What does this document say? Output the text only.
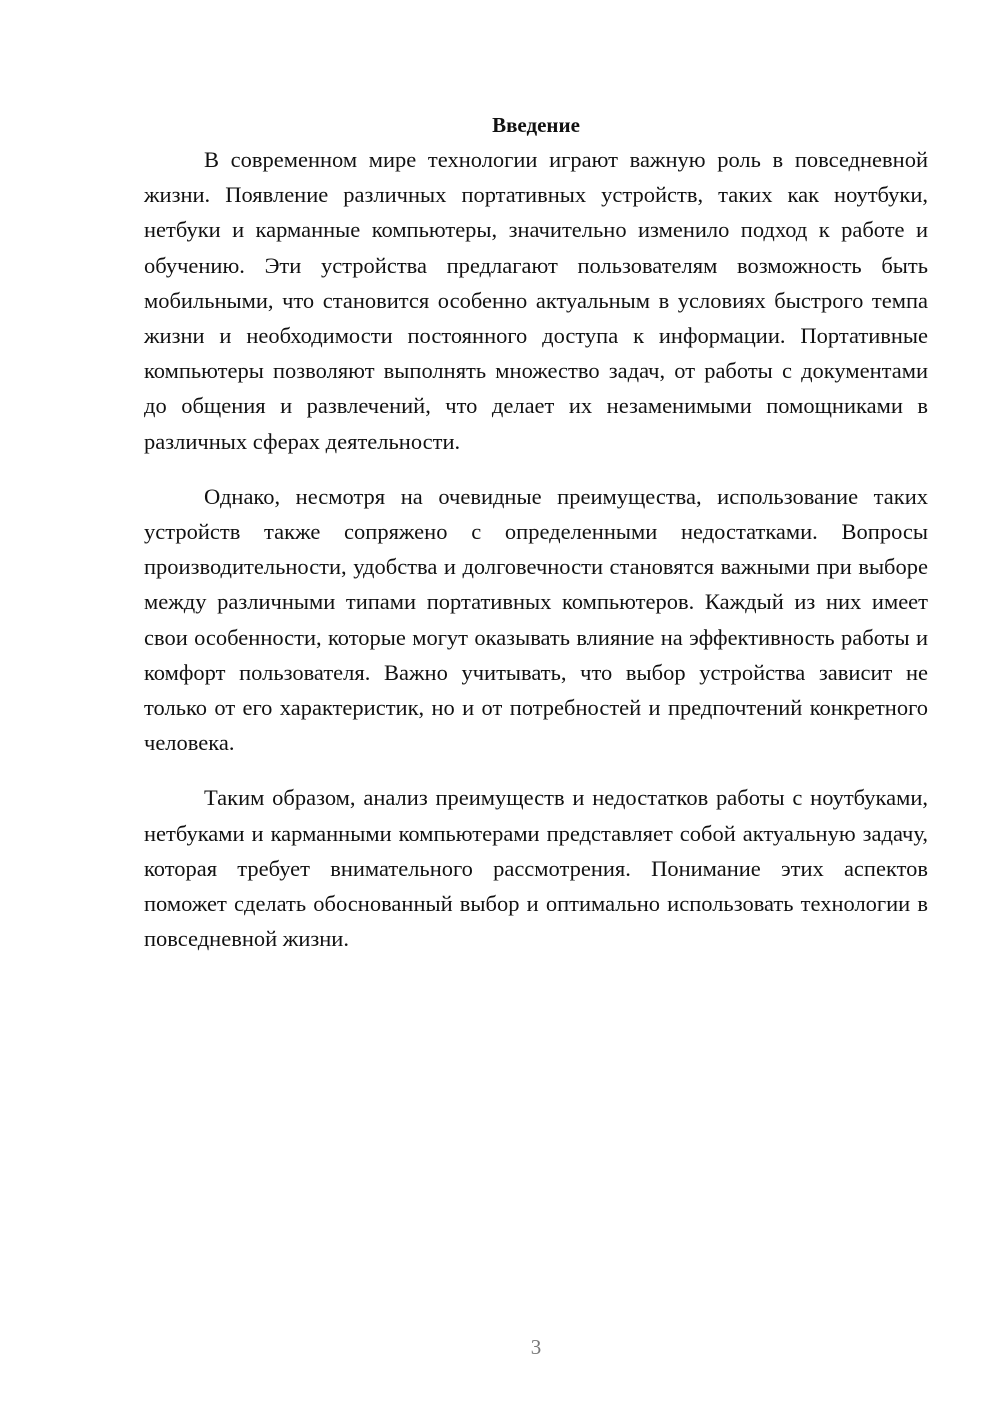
Введение

В современном мире технологии играют важную роль в повседневной жизни. Появление различных портативных устройств, таких как ноутбуки, нетбуки и карманные компьютеры, значительно изменило подход к работе и обучению. Эти устройства предлагают пользователям возможность быть мобильными, что становится особенно актуальным в условиях быстрого темпа жизни и необходимости постоянного доступа к информации. Портативные компьютеры позволяют выполнять множество задач, от работы с документами до общения и развлечений, что делает их незаменимыми помощниками в различных сферах деятельности.

Однако, несмотря на очевидные преимущества, использование таких устройств также сопряжено с определенными недостатками. Вопросы производительности, удобства и долговечности становятся важными при выборе между различными типами портативных компьютеров. Каждый из них имеет свои особенности, которые могут оказывать влияние на эффективность работы и комфорт пользователя. Важно учитывать, что выбор устройства зависит не только от его характеристик, но и от потребностей и предпочтений конкретного человека.

Таким образом, анализ преимуществ и недостатков работы с ноутбуками, нетбуками и карманными компьютерами представляет собой актуальную задачу, которая требует внимательного рассмотрения. Понимание этих аспектов поможет сделать обоснованный выбор и оптимально использовать технологии в повседневной жизни.

3
